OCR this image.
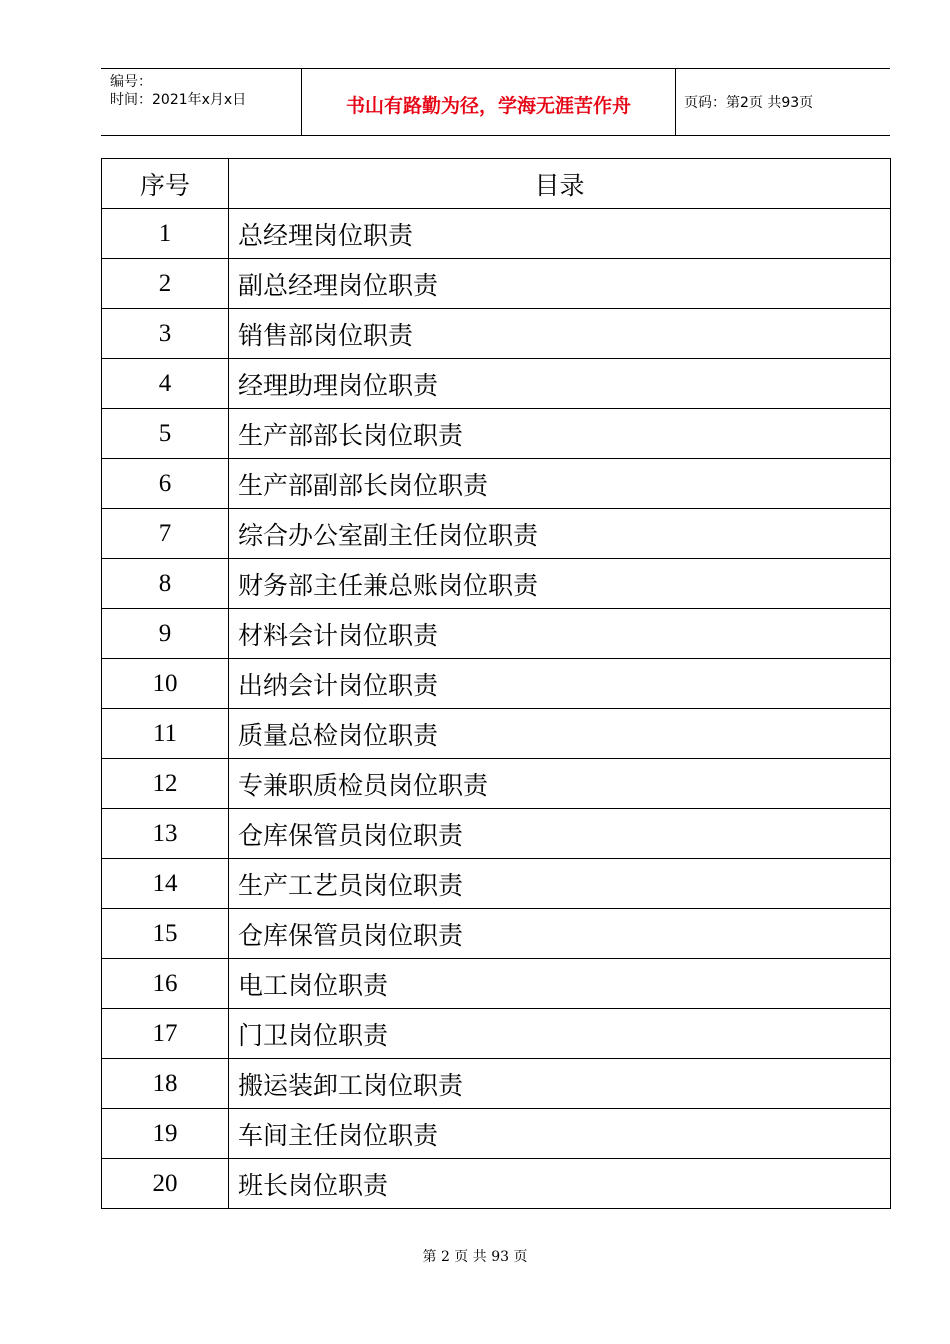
编号：
时间：2021年x月x日	书山有路勤为径，学海无涯苦作舟	页码：第2页 共93页
序号	目录
1	总经理岗位职责
2	副总经理岗位职责
3	销售部岗位职责
4	经理助理岗位职责
5	生产部部长岗位职责
6	生产部副部长岗位职责
7	综合办公室副主任岗位职责
8	财务部主任兼总账岗位职责
9	材料会计岗位职责
10	出纳会计岗位职责
11	质量总检岗位职责
12	专兼职质检员岗位职责
13	仓库保管员岗位职责
14	生产工艺员岗位职责
15	仓库保管员岗位职责
16	电工岗位职责
17	门卫岗位职责
18	搬运装卸工岗位职责
19	车间主任岗位职责
20	班长岗位职责
第 2 页 共 93 页
